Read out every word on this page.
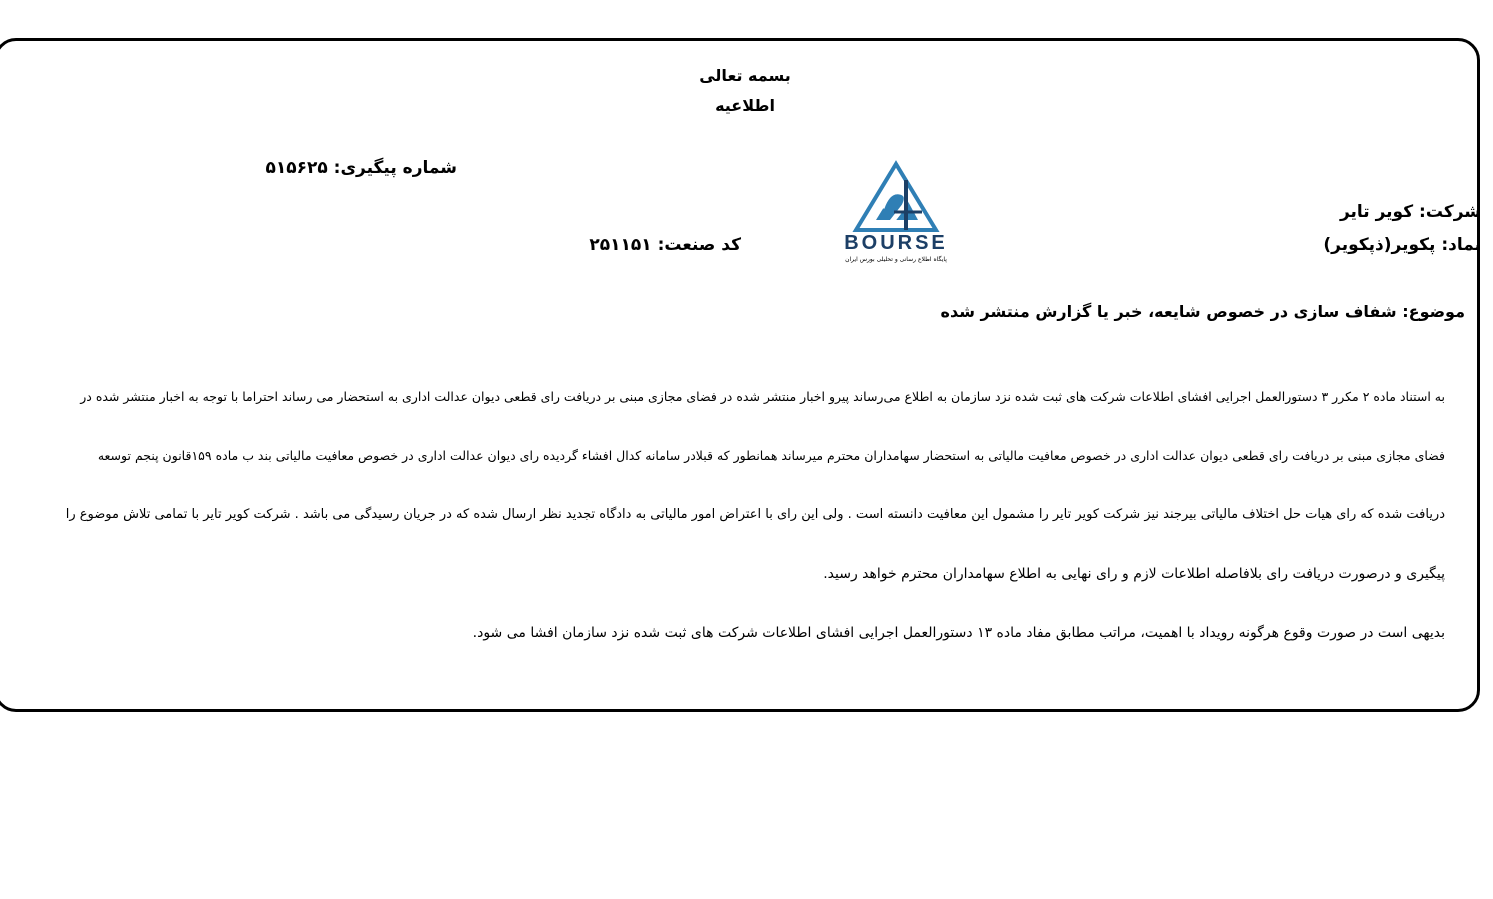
بسمه تعالی
اطلاعیه
شماره پیگیری: ۵۱۵۶۲۵
کد صنعت: ۲۵۱۱۵۱
شرکت: کویر تایر
نماد: پکویر(ذپکویر)
BOURSE
پایگاه اطلاع رسانی و تحلیلی بورس ایران
موضوع: شفاف سازی در خصوص شایعه، خبر یا گزارش منتشر شده
به استناد ماده ۲ مکرر ۳ دستورالعمل اجرایی افشای اطلاعات شرکت های ثبت شده نزد سازمان به اطلاع می‌رساند پیرو اخبار منتشر شده در فضای مجازی مبنی بر دریافت رای قطعی دیوان عدالت اداری به استحضار می رساند احتراما با توجه به اخبار منتشر شده در
فضای مجازی مبنی بر دریافت رای قطعی دیوان عدالت اداری در خصوص معافیت مالیاتی به استحضار سهامداران محترم میرساند همانطور که قبلادر سامانه کدال افشاء گردیده رای دیوان عدالت اداری در خصوص معافیت مالیاتی بند ب ماده ۱۵۹قانون پنجم توسعه
دریافت شده که رای هیات حل اختلاف مالیاتی بیرجند نیز شرکت کویر تایر را مشمول این معافیت دانسته است . ولی این رای با اعتراض امور مالیاتی به دادگاه تجدید نظر ارسال شده که در جریان رسیدگی می باشد . شرکت کویر تایر با تمامی تلاش موضوع را
پیگیری و درصورت دریافت رای بلافاصله اطلاعات لازم و رای نهایی به اطلاع سهامداران محترم خواهد رسید.
بدیهی است در صورت وقوع هرگونه رویداد با اهمیت، مراتب مطابق مفاد ماده ۱۳ دستورالعمل اجرایی افشای اطلاعات شرکت های ثبت شده نزد سازمان افشا می شود.
